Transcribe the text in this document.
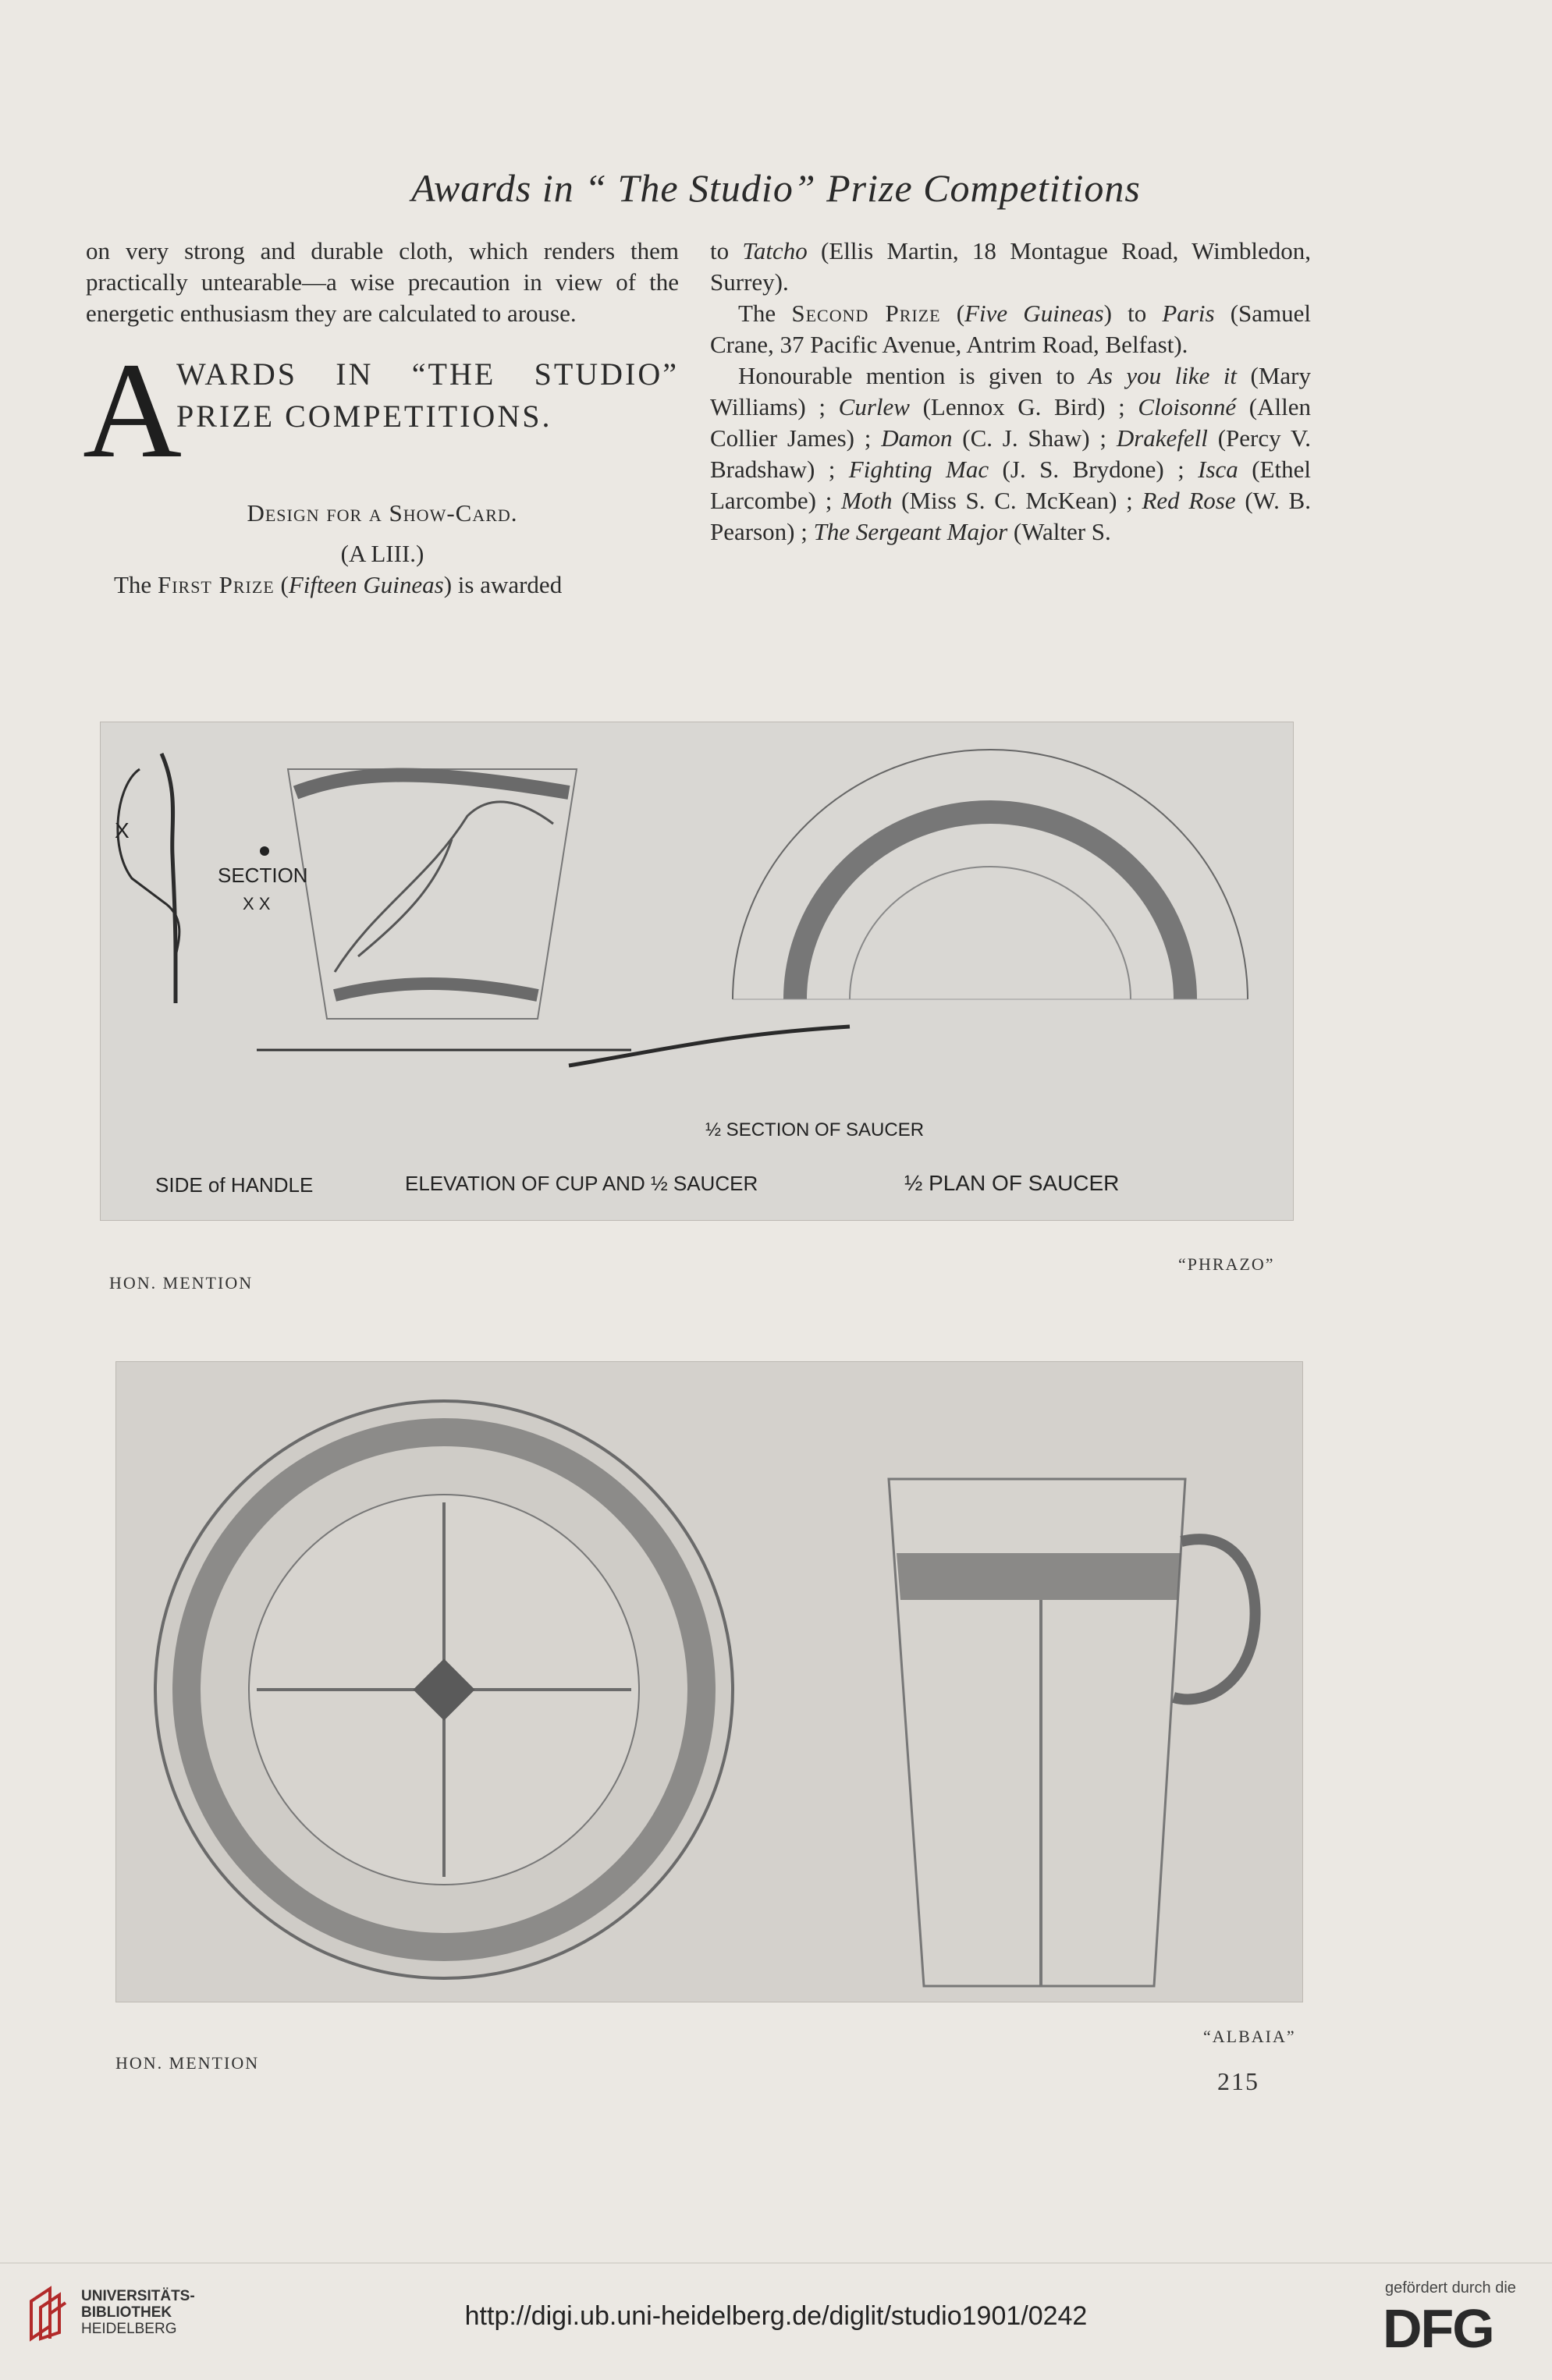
Awards in “ The Studio” Prize Competitions

on very strong and durable cloth, which renders them practically untearable—a wise precaution in view of the energetic enthusiasm they are calculated to arouse.

A
WARDS IN “THE STUDIO”
PRIZE COMPETITIONS.

Design for a Show-Card.

(A LIII.)

The First Prize (Fifteen Guineas) is awarded

to Tatcho (Ellis Martin, 18 Montague Road, Wimbledon, Surrey).

The Second Prize (Five Guineas) to Paris (Samuel Crane, 37 Pacific Avenue, Antrim Road, Belfast).

Honourable mention is given to As you like it (Mary Williams) ; Curlew (Lennox G. Bird) ; Cloisonné (Allen Collier James) ; Damon (C. J. Shaw) ; Drakefell (Percy V. Bradshaw) ; Fighting Mac (J. S. Brydone) ; Isca (Ethel Larcombe) ; Moth (Miss S. C. McKean) ; Red Rose (W. B. Pearson) ; The Sergeant Major (Walter S.

X
SECTION
X X
½ SECTION OF SAUCER
SIDE of HANDLE	ELEVATION OF CUP AND ½ SAUCER	½ PLAN OF SAUCER
HON. MENTION
“PHRAZO”
HON. MENTION
“ALBAIA”
215
UNIVERSITÄTS-
BIBLIOTHEK
HEIDELBERG	http://digi.ub.uni-heidelberg.de/diglit/studio1901/0242
gefördert durch die
DFG
